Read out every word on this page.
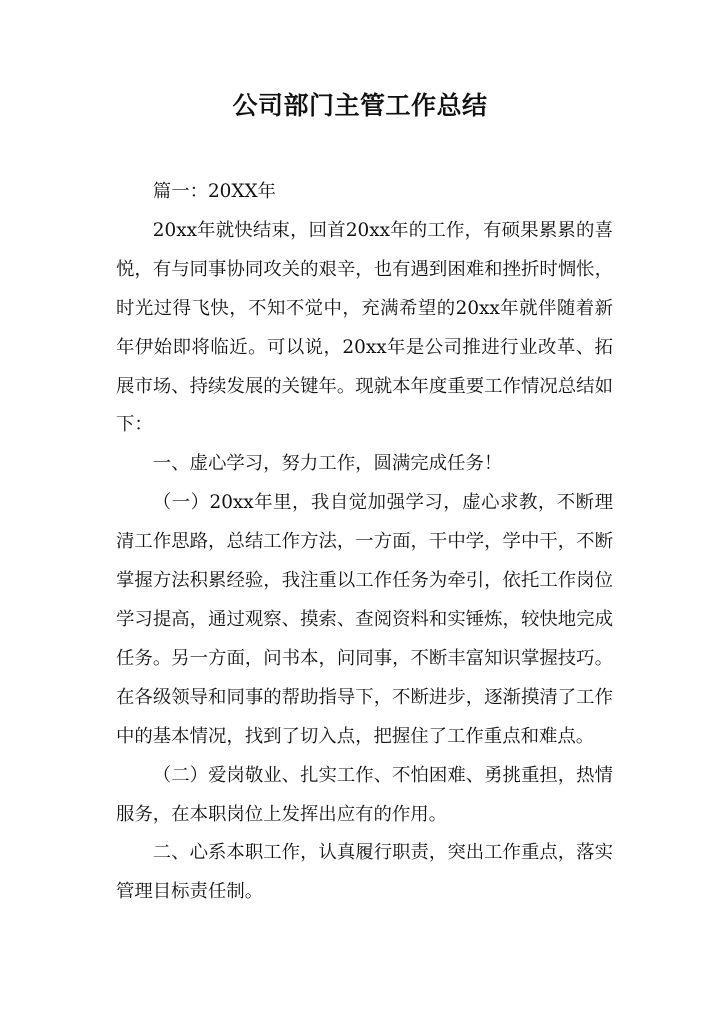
公司部门主管工作总结

篇一：20XX年

20xx年就快结束，回首20xx年的工作，有硕果累累的喜悦，有与同事协同攻关的艰辛，也有遇到困难和挫折时惆怅，时光过得飞快，不知不觉中，充满希望的20xx年就伴随着新年伊始即将临近。可以说，20xx年是公司推进行业改革、拓展市场、持续发展的关键年。现就本年度重要工作情况总结如下：

一、虚心学习，努力工作，圆满完成任务！

（一）20xx年里，我自觉加强学习，虚心求教，不断理清工作思路，总结工作方法，一方面，干中学，学中干，不断掌握方法积累经验，我注重以工作任务为牵引，依托工作岗位学习提高，通过观察、摸索、查阅资料和实锤炼，较快地完成任务。另一方面，问书本，问同事，不断丰富知识掌握技巧。在各级领导和同事的帮助指导下，不断进步，逐渐摸清了工作中的基本情况，找到了切入点，把握住了工作重点和难点。

（二）爱岗敬业、扎实工作、不怕困难、勇挑重担，热情服务，在本职岗位上发挥出应有的作用。

二、心系本职工作，认真履行职责，突出工作重点，落实管理目标责任制。
